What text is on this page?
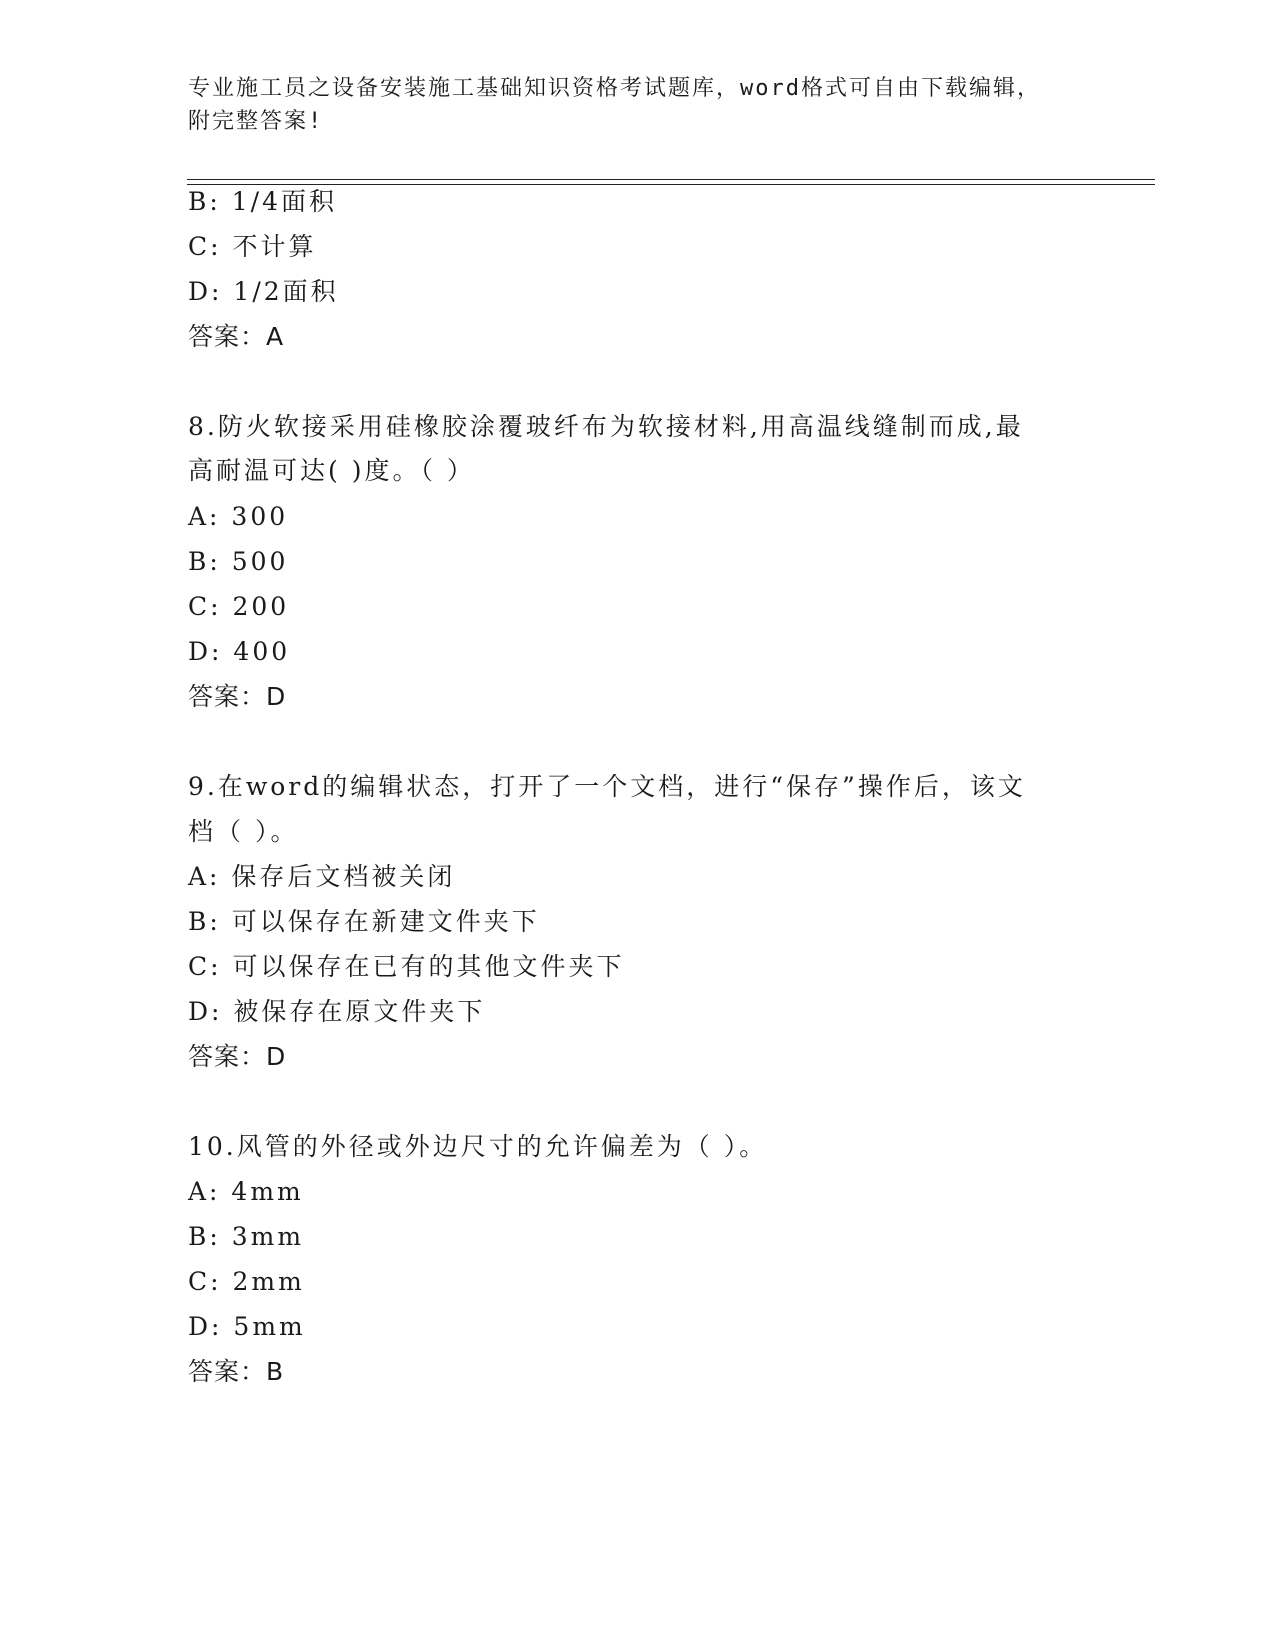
专业施工员之设备安装施工基础知识资格考试题库，word格式可自由下载编辑，
附完整答案!
B: 1/4面积
C: 不计算
D: 1/2面积
答案：A
8.防火软接采用硅橡胶涂覆玻纤布为软接材料,用高温线缝制而成,最
高耐温可达( )度。（ ）
A: 300
B: 500
C: 200
D: 400
答案：D
9.在word的编辑状态，打开了一个文档，进行“保存”操作后，该文
档（ ）。
A: 保存后文档被关闭
B: 可以保存在新建文件夹下
C: 可以保存在已有的其他文件夹下
D: 被保存在原文件夹下
答案：D
10.风管的外径或外边尺寸的允许偏差为（ ）。
A: 4mm
B: 3mm
C: 2mm
D: 5mm
答案：B
